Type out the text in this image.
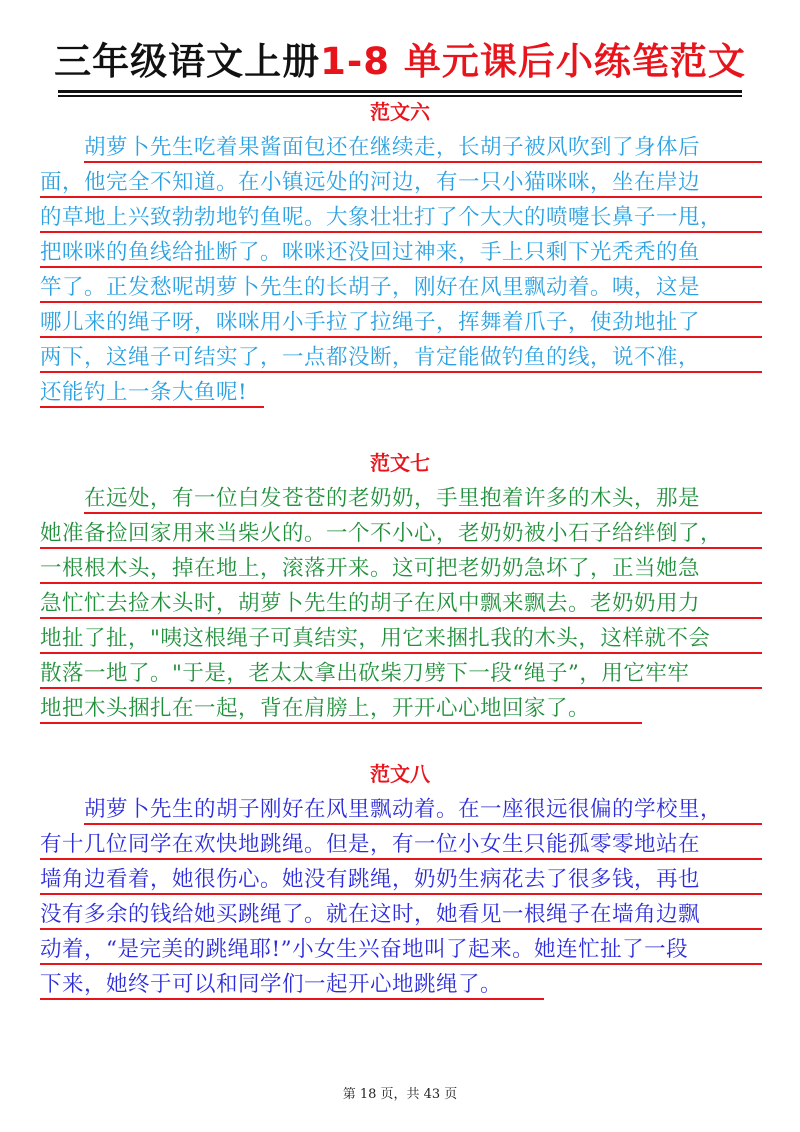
三年级语文上册1-8 单元课后小练笔范文
范文六
胡萝卜先生吃着果酱面包还在继续走，长胡子被风吹到了身体后
面，他完全不知道。在小镇远处的河边，有一只小猫咪咪，坐在岸边
的草地上兴致勃勃地钓鱼呢。大象壮壮打了个大大的喷嚏长鼻子一甩，
把咪咪的鱼线给扯断了。咪咪还没回过神来，手上只剩下光秃秃的鱼
竿了。正发愁呢胡萝卜先生的长胡子，刚好在风里飘动着。咦，这是
哪儿来的绳子呀，咪咪用小手拉了拉绳子，挥舞着爪子，使劲地扯了
两下，这绳子可结实了，一点都没断，肯定能做钓鱼的线，说不准，
还能钓上一条大鱼呢!
范文七
在远处，有一位白发苍苍的老奶奶，手里抱着许多的木头，那是
她准备捡回家用来当柴火的。一个不小心，老奶奶被小石子给绊倒了，
一根根木头，掉在地上，滚落开来。这可把老奶奶急坏了，正当她急
急忙忙去捡木头时，胡萝卜先生的胡子在风中飘来飘去。老奶奶用力
地扯了扯，"咦这根绳子可真结实，用它来捆扎我的木头，这样就不会
散落一地了。"于是，老太太拿出砍柴刀劈下一段“绳子”，用它牢牢
地把木头捆扎在一起，背在肩膀上，开开心心地回家了。
范文八
胡萝卜先生的胡子刚好在风里飘动着。在一座很远很偏的学校里，
有十几位同学在欢快地跳绳。但是，有一位小女生只能孤零零地站在
墙角边看着，她很伤心。她没有跳绳，奶奶生病花去了很多钱，再也
没有多余的钱给她买跳绳了。就在这时，她看见一根绳子在墙角边飘
动着，“是完美的跳绳耶!”小女生兴奋地叫了起来。她连忙扯了一段
下来，她终于可以和同学们一起开心地跳绳了。
第 18 页，共 43 页
